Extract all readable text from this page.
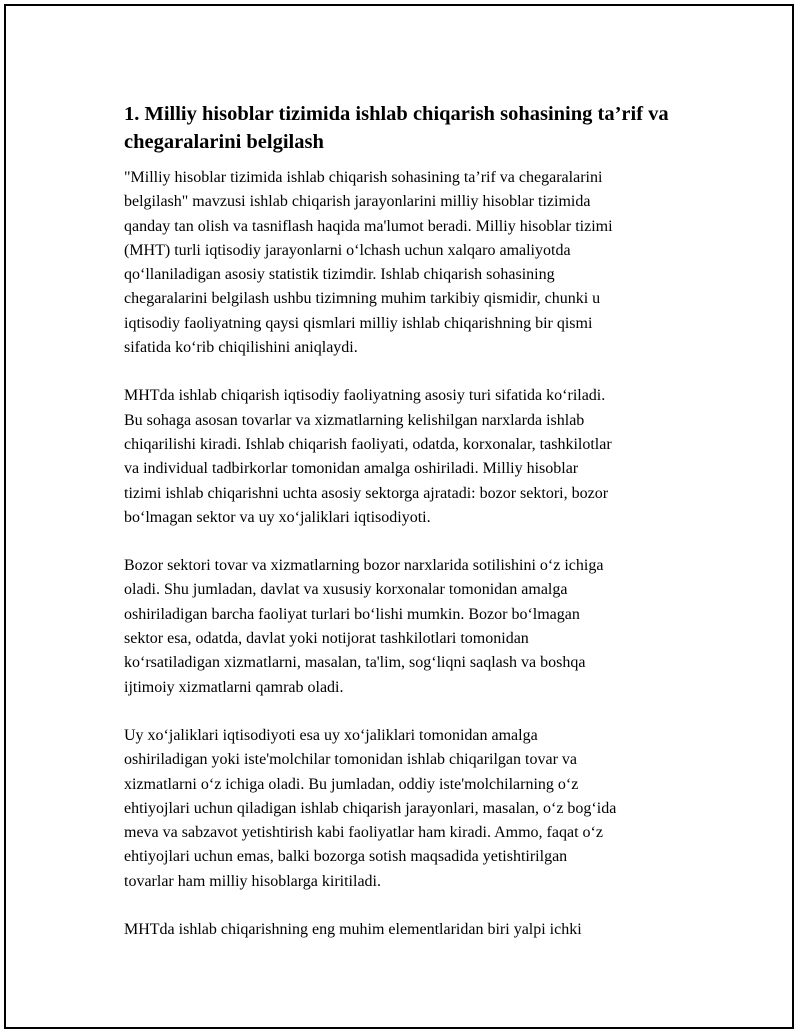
1. Milliy hisoblar tizimida ishlab chiqarish sohasining ta’rif va
chegaralarini belgilash

"Milliy hisoblar tizimida ishlab chiqarish sohasining ta’rif va chegaralarini
belgilash" mavzusi ishlab chiqarish jarayonlarini milliy hisoblar tizimida
qanday tan olish va tasniflash haqida ma'lumot beradi. Milliy hisoblar tizimi
(MHT) turli iqtisodiy jarayonlarni o‘lchash uchun xalqaro amaliyotda
qo‘llaniladigan asosiy statistik tizimdir. Ishlab chiqarish sohasining
chegaralarini belgilash ushbu tizimning muhim tarkibiy qismidir, chunki u
iqtisodiy faoliyatning qaysi qismlari milliy ishlab chiqarishning bir qismi
sifatida ko‘rib chiqilishini aniqlaydi.

MHTda ishlab chiqarish iqtisodiy faoliyatning asosiy turi sifatida ko‘riladi.
Bu sohaga asosan tovarlar va xizmatlarning kelishilgan narxlarda ishlab
chiqarilishi kiradi. Ishlab chiqarish faoliyati, odatda, korxonalar, tashkilotlar
va individual tadbirkorlar tomonidan amalga oshiriladi. Milliy hisoblar
tizimi ishlab chiqarishni uchta asosiy sektorga ajratadi: bozor sektori, bozor
bo‘lmagan sektor va uy xo‘jaliklari iqtisodiyoti.

Bozor sektori tovar va xizmatlarning bozor narxlarida sotilishini o‘z ichiga
oladi. Shu jumladan, davlat va xususiy korxonalar tomonidan amalga
oshiriladigan barcha faoliyat turlari bo‘lishi mumkin. Bozor bo‘lmagan
sektor esa, odatda, davlat yoki notijorat tashkilotlari tomonidan
ko‘rsatiladigan xizmatlarni, masalan, ta'lim, sog‘liqni saqlash va boshqa
ijtimoiy xizmatlarni qamrab oladi.

Uy xo‘jaliklari iqtisodiyoti esa uy xo‘jaliklari tomonidan amalga
oshiriladigan yoki iste'molchilar tomonidan ishlab chiqarilgan tovar va
xizmatlarni o‘z ichiga oladi. Bu jumladan, oddiy iste'molchilarning o‘z
ehtiyojlari uchun qiladigan ishlab chiqarish jarayonlari, masalan, o‘z bog‘ida
meva va sabzavot yetishtirish kabi faoliyatlar ham kiradi. Ammo, faqat o‘z
ehtiyojlari uchun emas, balki bozorga sotish maqsadida yetishtirilgan
tovarlar ham milliy hisoblarga kiritiladi.

MHTda ishlab chiqarishning eng muhim elementlaridan biri yalpi ichki
